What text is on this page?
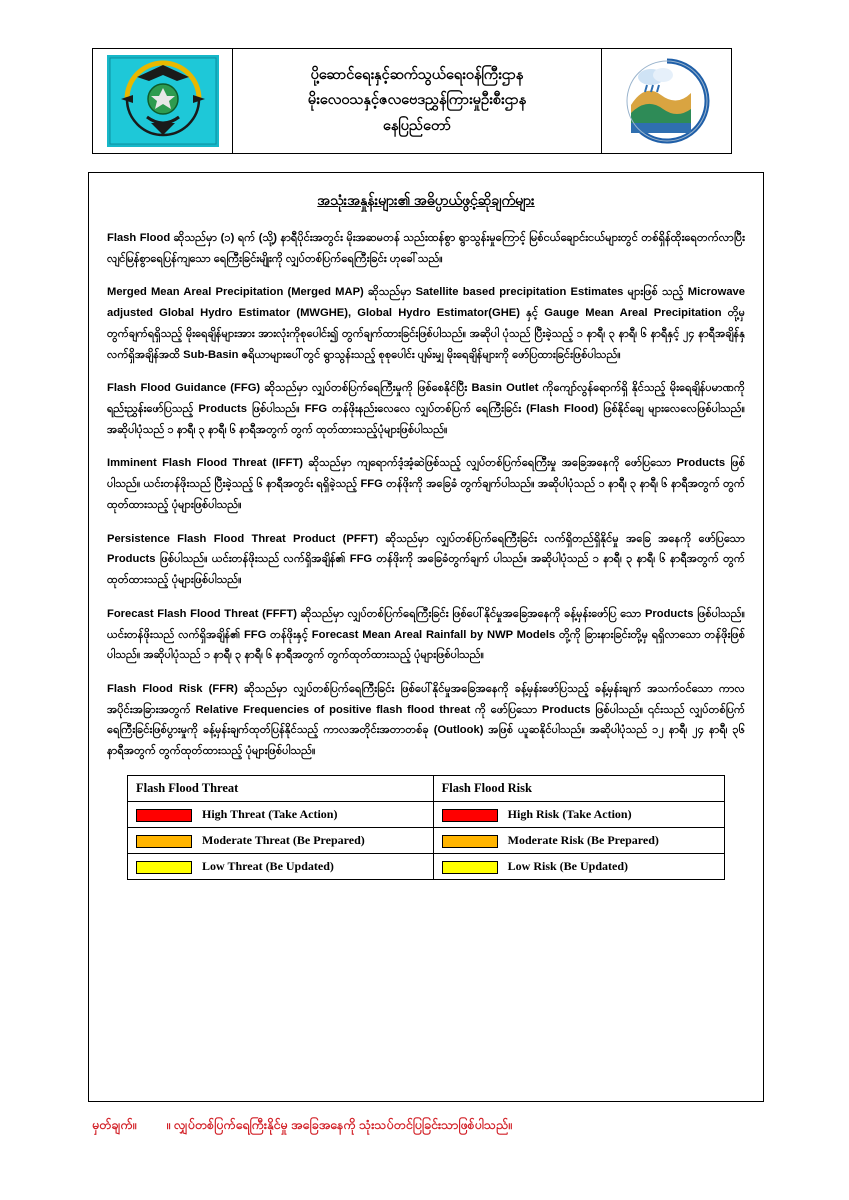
ပို့ဆောင်ရေးနှင့်ဆက်သွယ်ရေးဝန်ကြီးဌာန
မိုးလေဝသနှင့်ဇလဗေဒညွှန်ကြားမှုဦးစီးဌာန
နေပြည်တော်
အသုံးအနှုန်းများ၏ အဓိပ္ပာယ်ဖွင့်ဆိုချက်များ

Flash Flood ဆိုသည်မှာ (၁) ရက် (သို့) နာရီပိုင်းအတွင်း မိုးအဆမတန် သည်းထန်စွာ ရွာသွန်းမှုကြောင့် မြစ်ငယ်ချောင်းငယ်များတွင် တစ်ရှိန်ထိုးရေတက်လာပြီး လျင်မြန်စွာရေပြန်ကျသော ရေကြီးခြင်းမျိုးကို လျှပ်တစ်ပြက်ရေကြီးခြင်း ဟုခေါ်သည်။

Merged Mean Areal Precipitation (Merged MAP) ဆိုသည်မှာ Satellite based precipitation Estimates များဖြစ် သည့် Microwave adjusted Global Hydro Estimator (MWGHE), Global Hydro Estimator(GHE) နှင့် Gauge Mean Areal Precipitation တို့မှ တွက်ချက်ရရှိသည့် မိုးရေချိန်များအား အားလုံးကိုစုပေါင်း၍ တွက်ချက်ထားခြင်းဖြစ်ပါသည်။ အဆိုပါ ပုံသည် ပြီးခဲ့သည့် ၁ နာရီ၊ ၃ နာရီ၊ ၆ နာရီနှင့် ၂၄ နာရီအချိန်နှ လက်ရှိအချိန်အထိ Sub-Basin ဇရိယာများပေါ်တွင် ရွာသွန်းသည့် စုစုပေါင်း ပျမ်းမျှ မိုးရေချိန်များကို ဖော်ပြထားခြင်းဖြစ်ပါသည်။

Flash Flood Guidance (FFG) ဆိုသည်မှာ လျှပ်တစ်ပြက်ရေကြီးမှုကို ဖြစ်စေနိုင်ပြီး Basin Outlet ကိုကျော်လွန်ရောက်ရှိ နိုင်သည့် မိုးရေချိန်ပမာဏကို ရည်းညွှန်းဖော်ပြသည့် Products ဖြစ်ပါသည်။ FFG တန်ဖိုးနည်းလေလေ လျှပ်တစ်ပြက် ရေကြီးခြင်း (Flash Flood) ဖြစ်နိုင်ချေ များလေလေဖြစ်ပါသည်။ အဆိုပါပုံသည် ၁ နာရီ၊ ၃ နာရီ၊ ၆ နာရီအတွက် တွက် ထုတ်ထားသည့်ပုံများဖြစ်ပါသည်။

Imminent Flash Flood Threat (IFFT) ဆိုသည်မှာ ကျရောက်ဒံ့အံ့ဆဲဖြစ်သည့် လျှပ်တစ်ပြက်ရေကြီးမှု အခြေအနေကို ဖော်ပြသော Products ဖြစ်ပါသည်။ ယင်းတန်ဖိုးသည် ပြီးခဲ့သည့် ၆ နာရီအတွင်း ရရှိခဲ့သည့် FFG တန်ဖိုးကို အခြေခံ တွက်ချက်ပါသည်။ အဆိုပါပုံသည် ၁ နာရီ၊ ၃ နာရီ၊ ၆ နာရီအတွက် တွက်ထုတ်ထားသည့် ပုံများဖြစ်ပါသည်။

Persistence Flash Flood Threat Product (PFFT) ဆိုသည်မှာ လျှပ်တစ်ပြက်ရေကြီးခြင်း လက်ရှိတည်ရှိနိုင်မှု အခြေ အနေကို ဖော်ပြသော Products ဖြစ်ပါသည်။ ယင်းတန်ဖိုးသည် လက်ရှိအချိန်၏ FFG တန်ဖိုးကို အခြေခံတွက်ချက် ပါသည်။ အဆိုပါပုံသည် ၁ နာရီ၊ ၃ နာရီ၊ ၆ နာရီအတွက် တွက်ထုတ်ထားသည့် ပုံများဖြစ်ပါသည်။

Forecast Flash Flood Threat (FFFT) ဆိုသည်မှာ လျှပ်တစ်ပြက်ရေကြီးခြင်း ဖြစ်ပေါ်နိုင်မှုအခြေအနေကို ခန့်မှန်းဖော်ပြ သော Products ဖြစ်ပါသည်။ ယင်းတန်ဖိုးသည် လက်ရှိအချိန်၏ FFG တန်ဖိုးနှင့် Forecast Mean Areal Rainfall by NWP Models တို့ကို ခြားနားခြင်းတို့မှ ရရှိလာသော တန်ဖိုးဖြစ်ပါသည်။ အဆိုပါပုံသည် ၁ နာရီ၊ ၃ နာရီ၊ ၆ နာရီအတွက် တွက်ထုတ်ထားသည့် ပုံများဖြစ်ပါသည်။

Flash Flood Risk (FFR) ဆိုသည်မှာ လျှပ်တစ်ပြက်ရေကြီးခြင်း ဖြစ်ပေါ်နိုင်မှုအခြေအနေကို ခန့်မှန်းဖော်ပြသည့် ခန့်မှန်းချက် အသက်ဝင်သော ကာလအပိုင်းအခြားအတွက် Relative Frequencies of positive flash flood threat ကို ဖော်ပြသော Products ဖြစ်ပါသည်။ ၎င်းသည် လျှပ်တစ်ပြက်ရေကြီးခြင်းဖြစ်ပွားမှုကို ခန့်မှန်းချက်ထုတ်ပြန်နိုင်သည့် ကာလအတိုင်းအတာတစ်ခု (Outlook) အဖြစ် ယူဆနိုင်ပါသည်။ အဆိုပါပုံသည် ၁၂ နာရီ၊ ၂၄ နာရီ၊ ၃၆ နာရီအတွက် တွက်ထုတ်ထားသည့် ပုံများဖြစ်ပါသည်။

Flash Flood Threat	Flash Flood Risk
High Threat (Take Action)	High Risk (Take Action)
Moderate Threat (Be Prepared)	Moderate Risk (Be Prepared)
Low Threat (Be Updated)	Low Risk (Be Updated)
မှတ်ချက်။ ။ လျှပ်တစ်ပြက်ရေကြီးနိုင်မှု အခြေအနေကို သုံးသပ်တင်ပြခြင်းသာဖြစ်ပါသည်။
